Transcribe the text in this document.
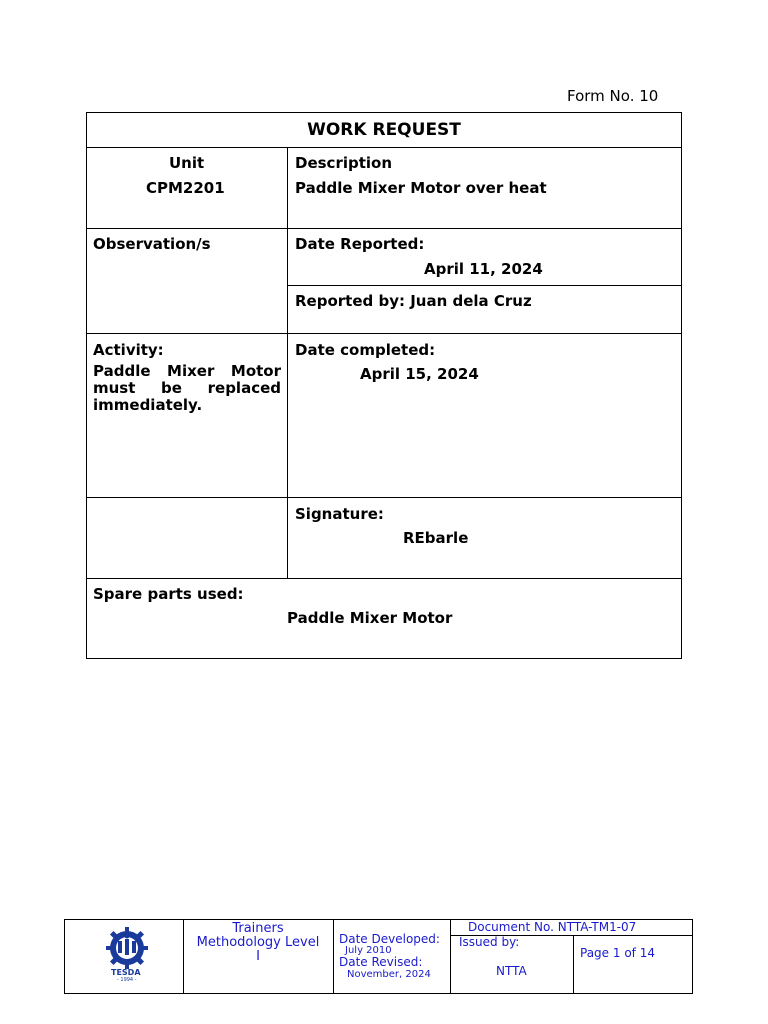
Form No. 10
WORK REQUEST
Unit
CPM2201
Description
Paddle Mixer Motor over heat
Observation/s	Date Reported:
April 11, 2024
Reported by: Juan dela Cruz
Activity:
Paddle Mixer Motor must be replaced immediately.
Date completed:
April 15, 2024
Signature:
REbarle
Spare parts used:
Paddle Mixer Motor
TESDA
- 1994 -
Trainers
Methodology Level
I
Date Developed:
July 2010
Date Revised:
November, 2024
Document No. NTTA-TM1-07
Issued by:
NTTA
Page 1 of 14
